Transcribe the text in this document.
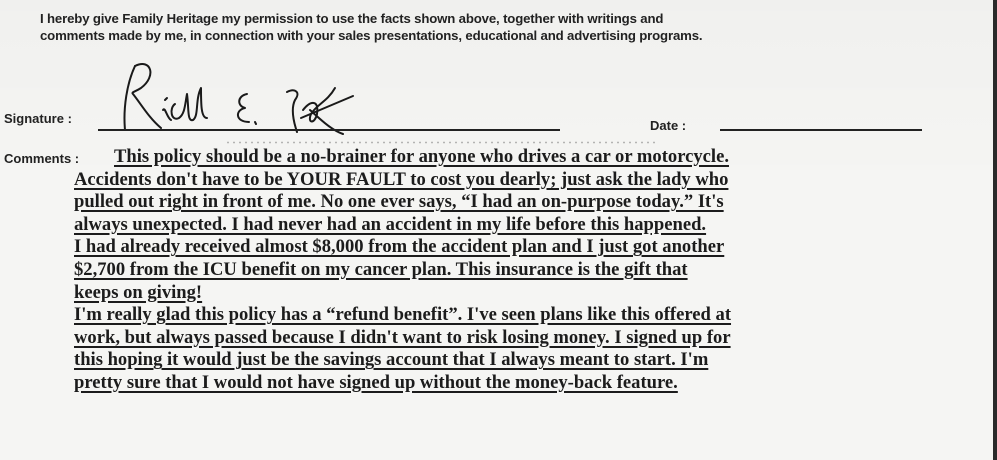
I hereby give Family Heritage my permission to use the facts shown above, together with writings and
comments made by me, in connection with your sales presentations, educational and advertising programs.
Signature :	Date :
Comments : This policy should be a no-brainer for anyone who drives a car or motorcycle.
Accidents don't have to be YOUR FAULT to cost you dearly; just ask the lady who
pulled out right in front of me. No one ever says, “I had an on-purpose today.” It's
always unexpected. I had never had an accident in my life before this happened.
I had already received almost $8,000 from the accident plan and I just got another
$2,700 from the ICU benefit on my cancer plan. This insurance is the gift that
keeps on giving!
I'm really glad this policy has a “refund benefit”. I've seen plans like this offered at
work, but always passed because I didn't want to risk losing money. I signed up for
this hoping it would just be the savings account that I always meant to start. I'm
pretty sure that I would not have signed up without the money-back feature.
